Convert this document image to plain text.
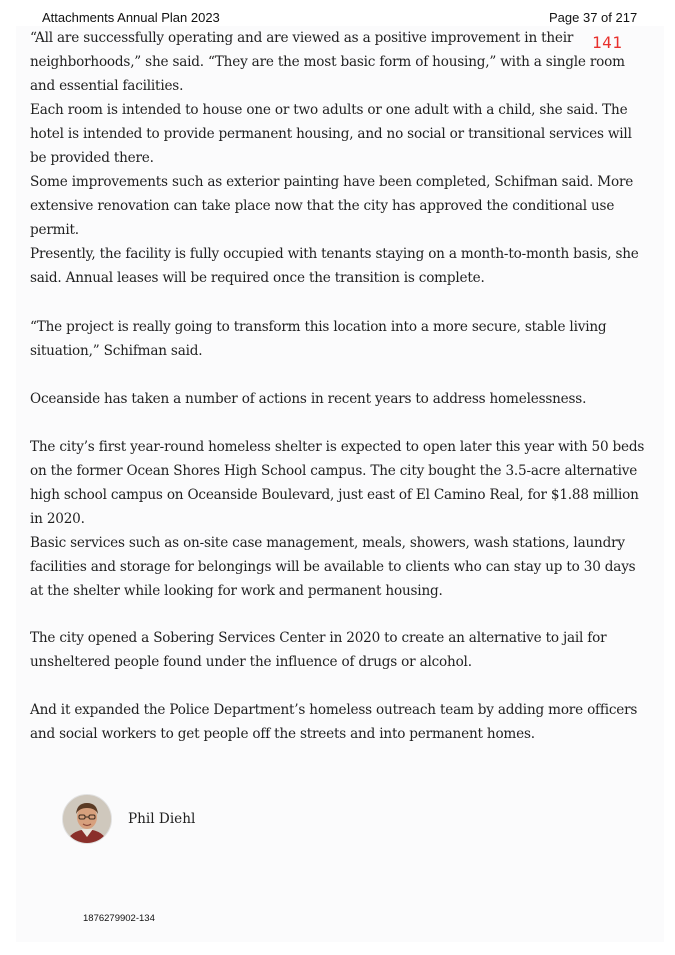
Attachments Annual Plan 2023	Page 37 of 217

“All are successfully operating and are viewed as a positive improvement in their neighborhoods,” she said. “They are the most basic form of housing,” with a single room and essential facilities.

141

Each room is intended to house one or two adults or one adult with a child, she said. The hotel is intended to provide permanent housing, and no social or transitional services will be provided there.

Some improvements such as exterior painting have been completed, Schifman said. More extensive renovation can take place now that the city has approved the conditional use permit.

Presently, the facility is fully occupied with tenants staying on a month-to-month basis, she said. Annual leases will be required once the transition is complete.

“The project is really going to transform this location into a more secure, stable living situation,” Schifman said.

Oceanside has taken a number of actions in recent years to address homelessness.

The city’s first year-round homeless shelter is expected to open later this year with 50 beds on the former Ocean Shores High School campus. The city bought the 3.5-acre alternative high school campus on Oceanside Boulevard, just east of El Camino Real, for $1.88 million in 2020.

Basic services such as on-site case management, meals, showers, wash stations, laundry facilities and storage for belongings will be available to clients who can stay up to 30 days at the shelter while looking for work and permanent housing.

The city opened a Sobering Services Center in 2020 to create an alternative to jail for unsheltered people found under the influence of drugs or alcohol.

And it expanded the Police Department’s homeless outreach team by adding more officers and social workers to get people off the streets and into permanent homes.

Phil Diehl
1876279902-134
